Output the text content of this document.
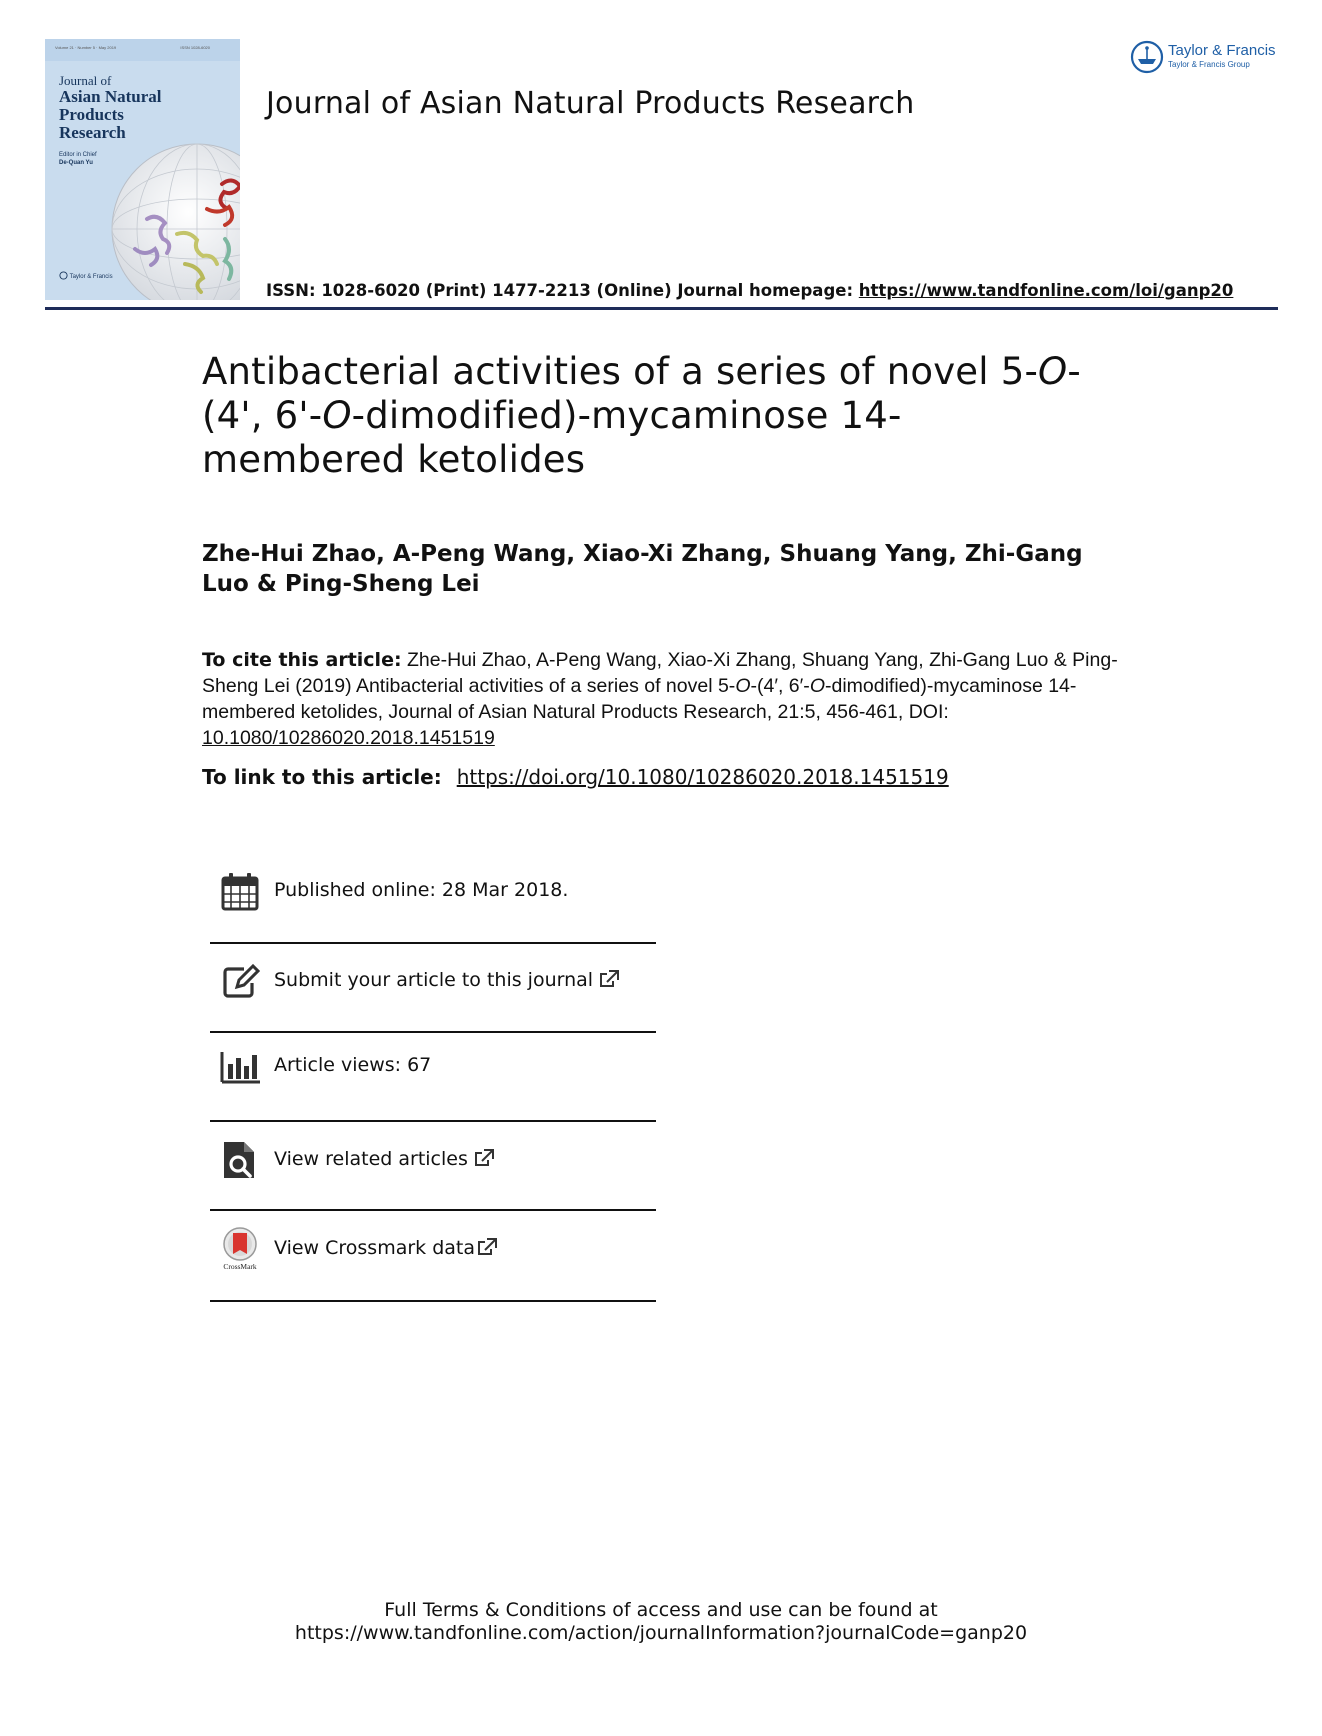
Volume 21 · Number 5 · May 2019	ISSN 1028-6020
Journal of
Asian Natural
Products
Research
Editor in Chief
De-Quan Yu
Taylor & Francis
Journal of Asian Natural Products Research
Taylor & Francis
Taylor & Francis Group
ISSN: 1028-6020 (Print) 1477-2213 (Online) Journal homepage: https://www.tandfonline.com/loi/ganp20
Antibacterial activities of a series of novel 5-O-(4', 6'-O-dimodified)-mycaminose 14-membered ketolides
Zhe-Hui Zhao, A-Peng Wang, Xiao-Xi Zhang, Shuang Yang, Zhi-Gang Luo & Ping-Sheng Lei
To cite this article: Zhe-Hui Zhao, A-Peng Wang, Xiao-Xi Zhang, Shuang Yang, Zhi-Gang Luo & Ping-Sheng Lei (2019) Antibacterial activities of a series of novel 5-O-(4′, 6′-O-dimodified)-mycaminose 14-membered ketolides, Journal of Asian Natural Products Research, 21:5, 456-461, DOI: 10.1080/10286020.2018.1451519
To link to this article: https://doi.org/10.1080/10286020.2018.1451519
Published online: 28 Mar 2018.
Submit your article to this journal
Article views: 67
View related articles
CrossMark
View Crossmark data
Full Terms & Conditions of access and use can be found at
https://www.tandfonline.com/action/journalInformation?journalCode=ganp20
